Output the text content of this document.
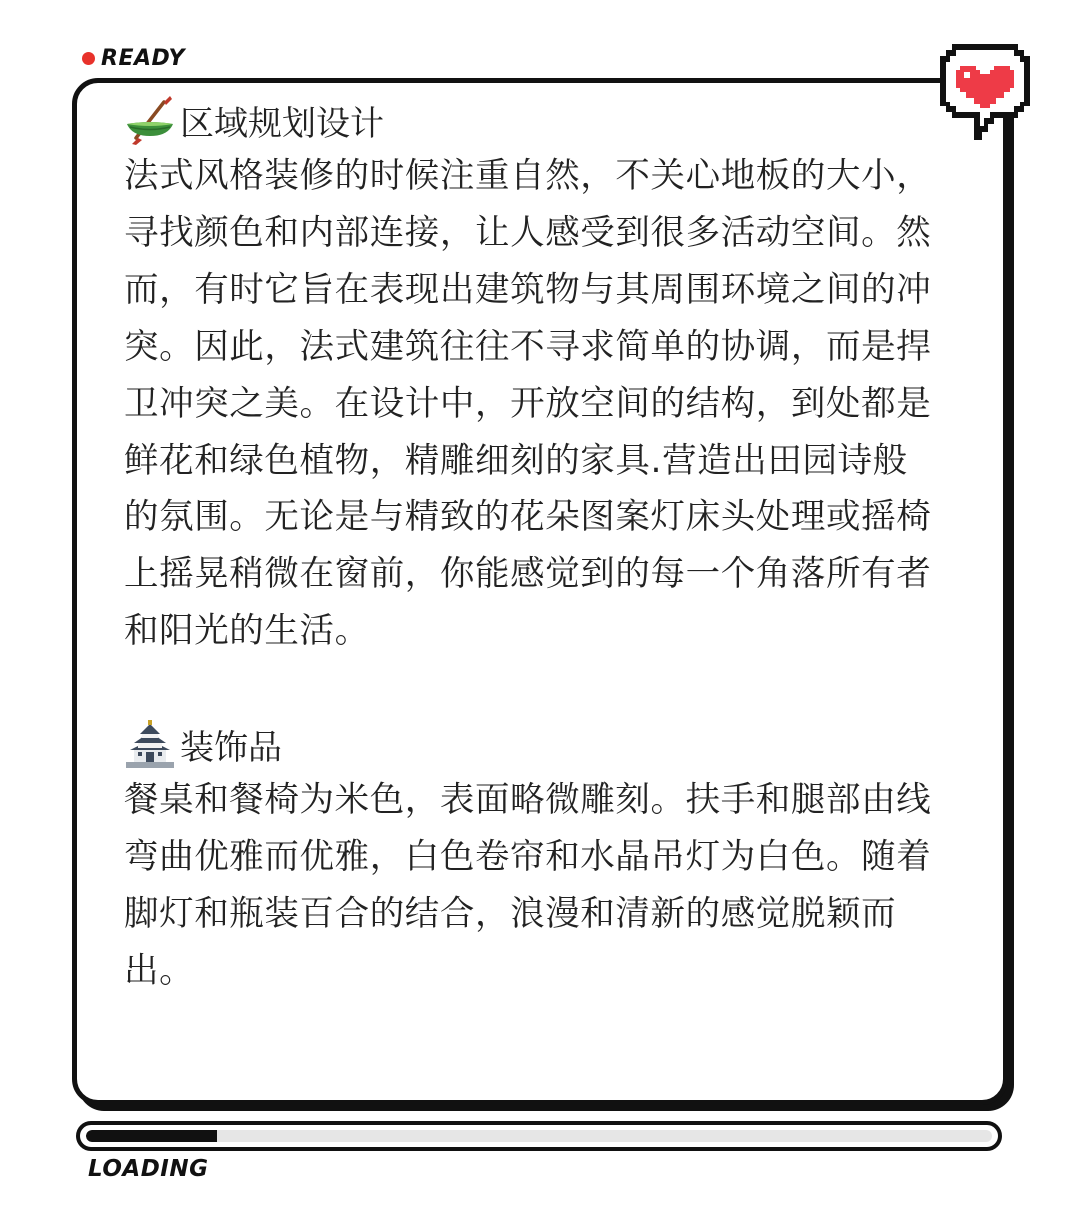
READY
区域规划设计
法式风格装修的时候注重自然，不关心地板的大小，寻找颜色和内部连接，让人感受到很多活动空间。然而，有时它旨在表现出建筑物与其周围环境之间的冲突。因此，法式建筑往往不寻求简单的协调，而是捍卫冲突之美。在设计中，开放空间的结构，到处都是鲜花和绿色植物，精雕细刻的家具.营造出田园诗般的氛围。无论是与精致的花朵图案灯床头处理或摇椅上摇晃稍微在窗前，你能感觉到的每一个角落所有者和阳光的生活。
装饰品
餐桌和餐椅为米色，表面略微雕刻。扶手和腿部由线弯曲优雅而优雅，白色卷帘和水晶吊灯为白色。随着脚灯和瓶装百合的结合，浪漫和清新的感觉脱颖而出。
LOADING
